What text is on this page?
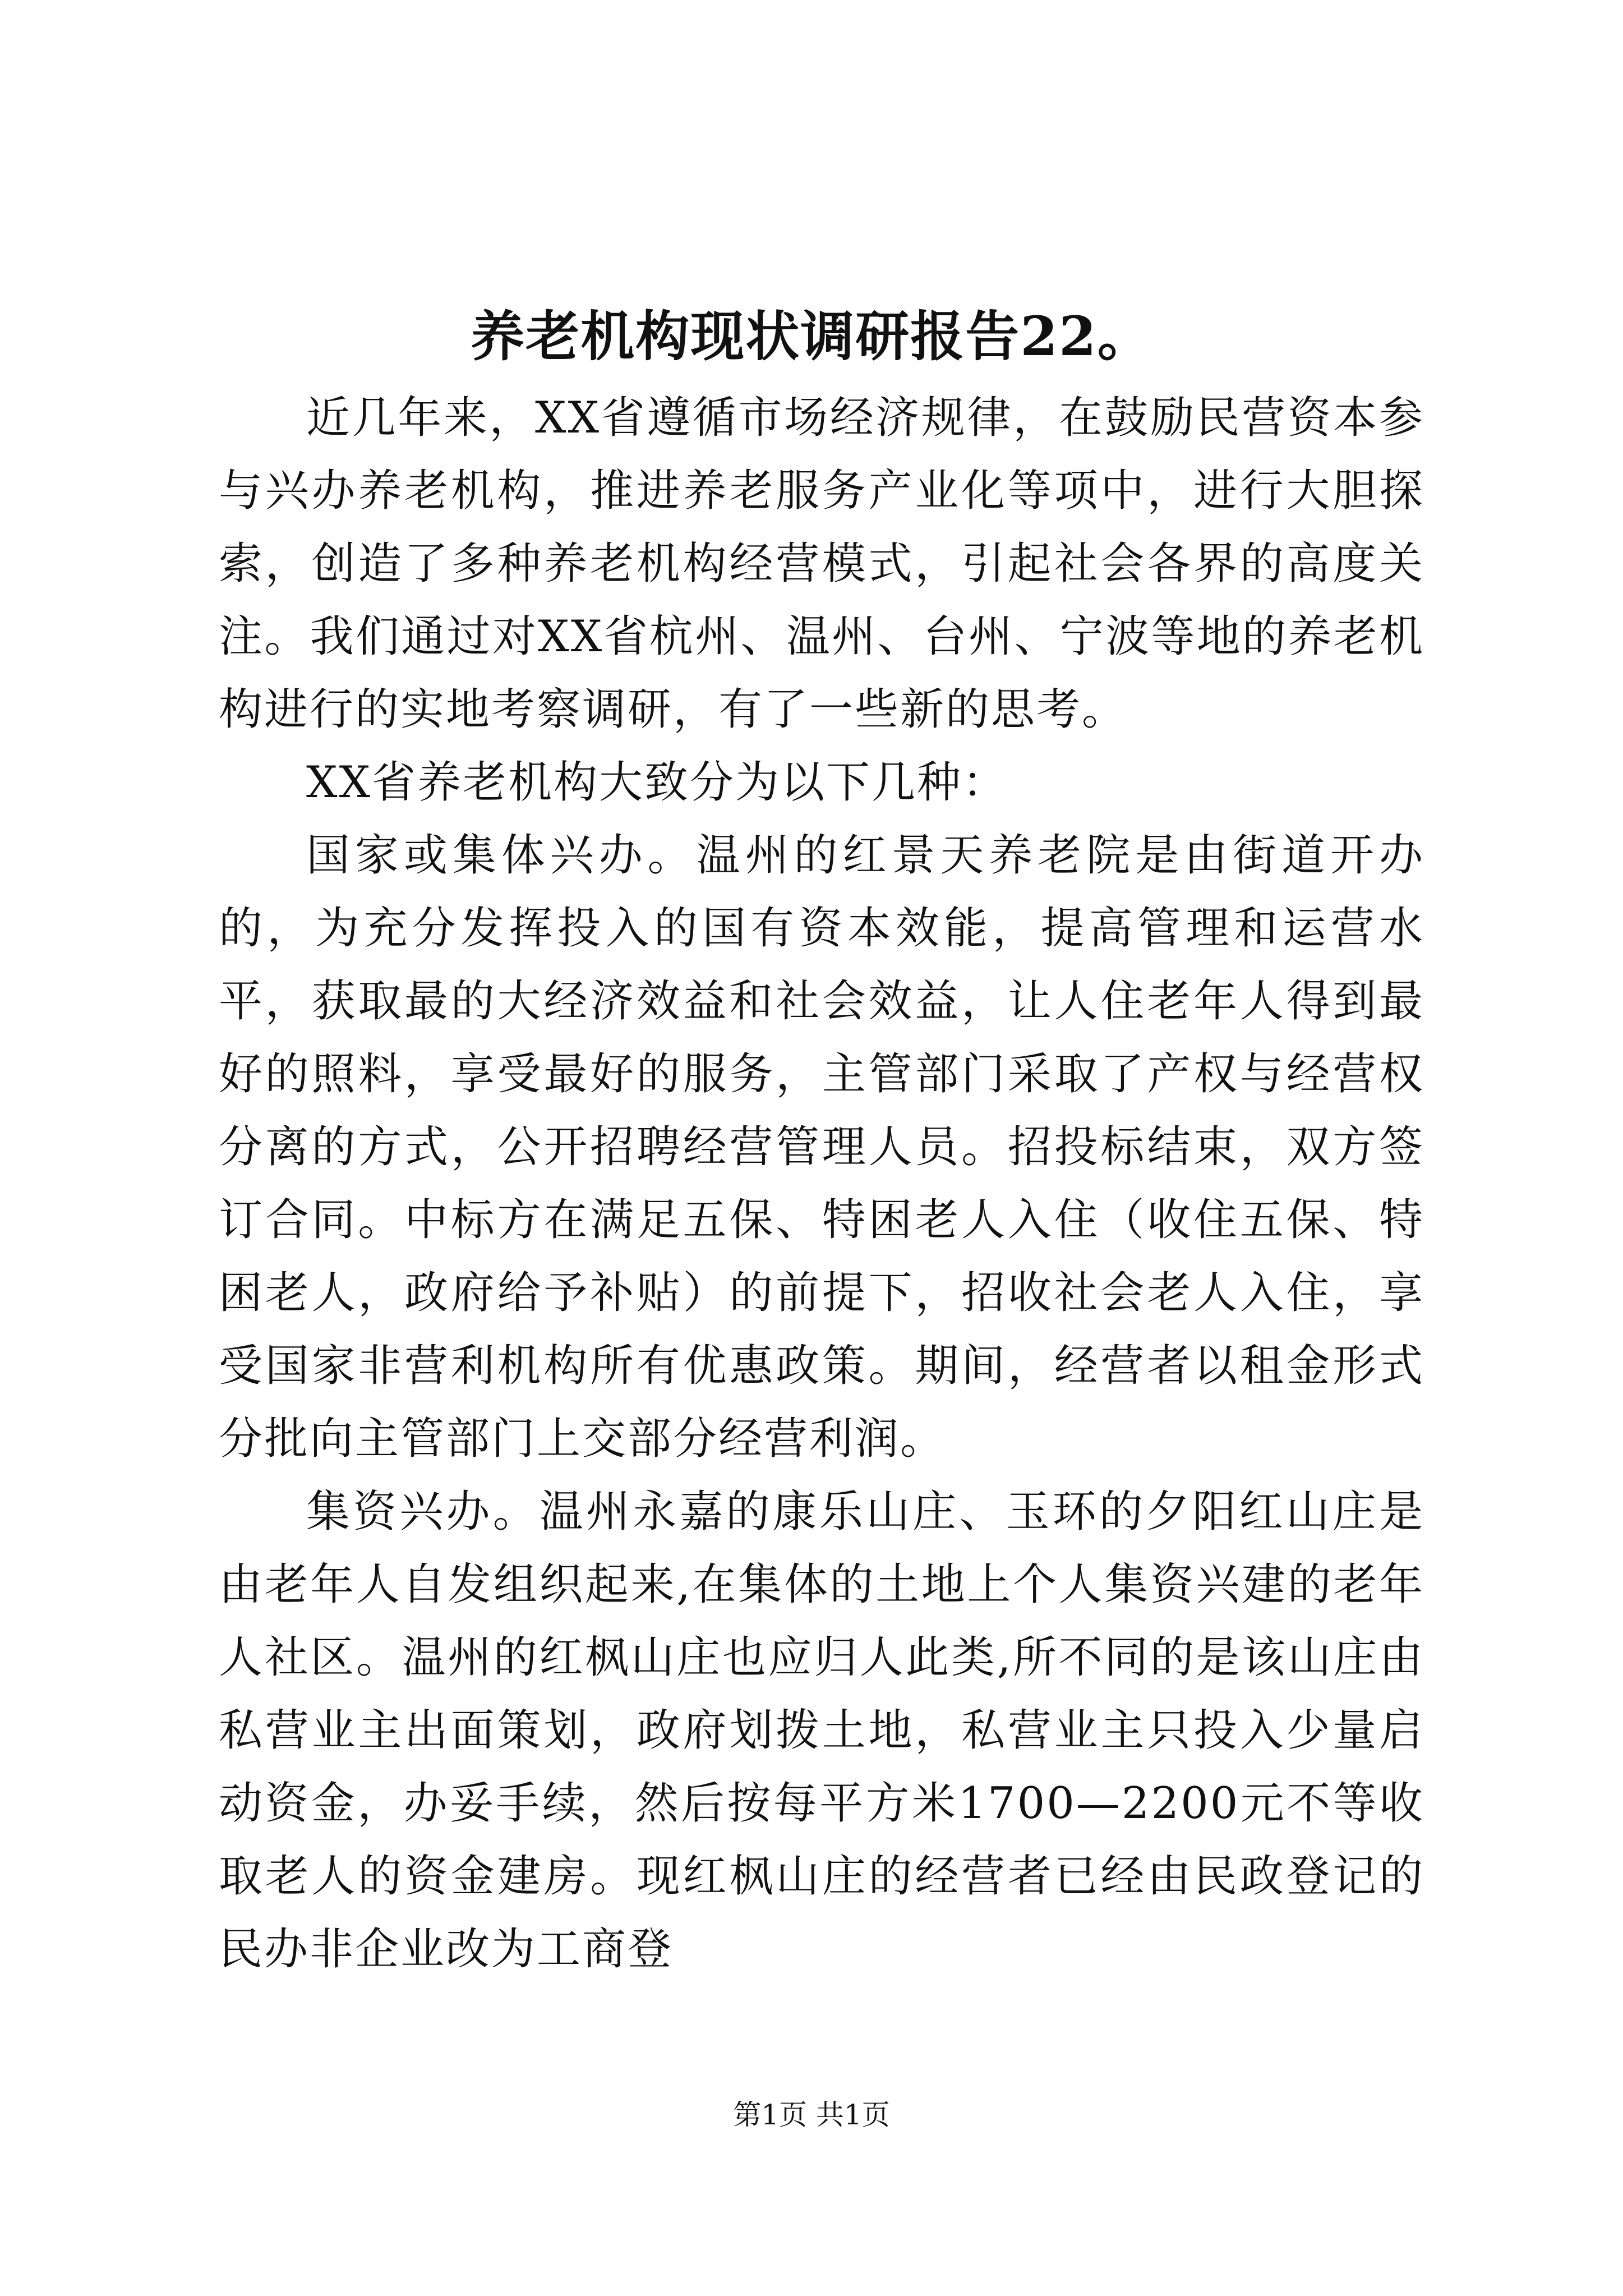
养老机构现状调研报告22。

近几年来，XX省遵循市场经济规律，在鼓励民营资本参与兴办养老机构，推进养老服务产业化等项中，进行大胆探索，创造了多种养老机构经营模式，引起社会各界的高度关注。我们通过对XX省杭州、温州、台州、宁波等地的养老机构进行的实地考察调研，有了一些新的思考。

XX省养老机构大致分为以下几种：

国家或集体兴办。温州的红景天养老院是由街道开办的，为充分发挥投入的国有资本效能，提高管理和运营水平，获取最的大经济效益和社会效益，让人住老年人得到最好的照料，享受最好的服务，主管部门采取了产权与经营权分离的方式，公开招聘经营管理人员。招投标结束，双方签订合同。中标方在满足五保、特困老人入住（收住五保、特困老人，政府给予补贴）的前提下，招收社会老人入住，享受国家非营利机构所有优惠政策。期间，经营者以租金形式分批向主管部门上交部分经营利润。

集资兴办。温州永嘉的康乐山庄、玉环的夕阳红山庄是由老年人自发组织起来,在集体的土地上个人集资兴建的老年人社区。温州的红枫山庄也应归人此类,所不同的是该山庄由私营业主出面策划，政府划拨土地，私营业主只投入少量启动资金，办妥手续，然后按每平方米1700—2200元不等收取老人的资金建房。现红枫山庄的经营者已经由民政登记的民办非企业改为工商登

第1页 共1页
